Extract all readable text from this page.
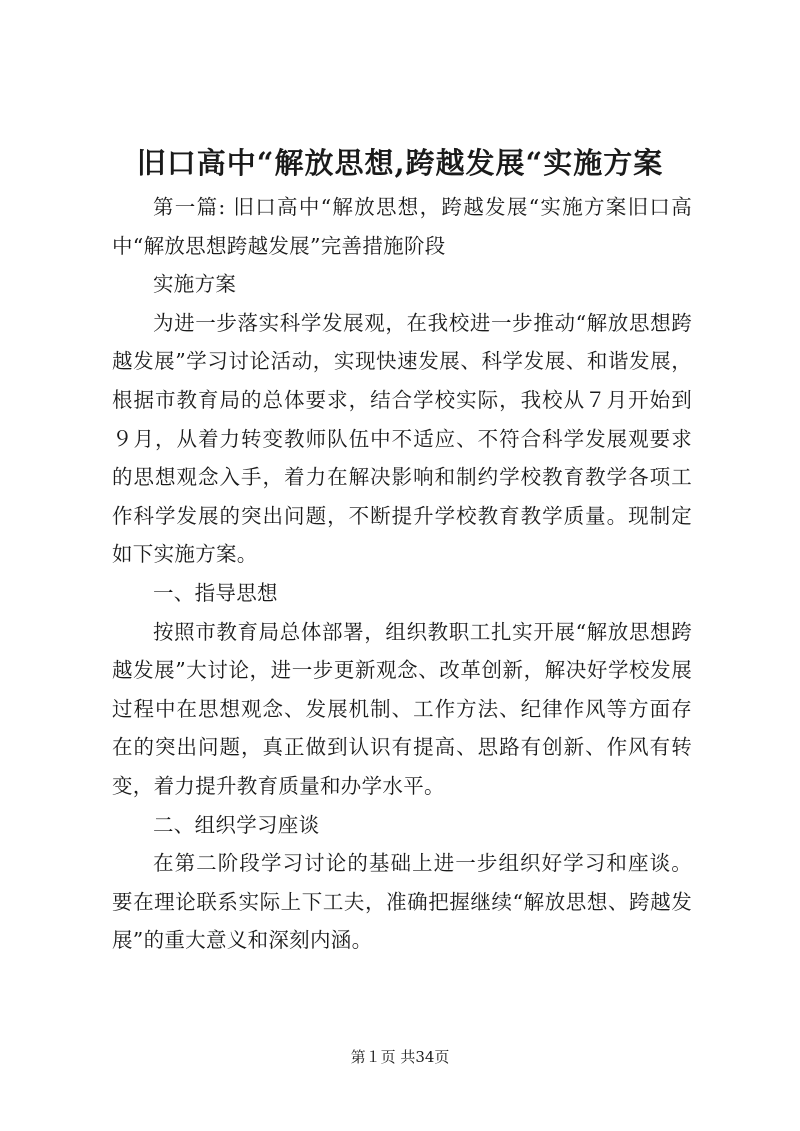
旧口高中“解放思想,跨越发展“实施方案

第一篇: 旧口高中“解放思想，跨越发展“实施方案旧口高中“解放思想跨越发展”完善措施阶段

实施方案

为进一步落实科学发展观，在我校进一步推动“解放思想跨越发展”学习讨论活动，实现快速发展、科学发展、和谐发展，根据市教育局的总体要求，结合学校实际，我校从７月开始到９月，从着力转变教师队伍中不适应、不符合科学发展观要求的思想观念入手，着力在解决影响和制约学校教育教学各项工作科学发展的突出问题，不断提升学校教育教学质量。现制定如下实施方案。

一、指导思想

按照市教育局总体部署，组织教职工扎实开展“解放思想跨越发展”大讨论，进一步更新观念、改革创新，解决好学校发展过程中在思想观念、发展机制、工作方法、纪律作风等方面存在的突出问题，真正做到认识有提高、思路有创新、作风有转变，着力提升教育质量和办学水平。

二、组织学习座谈

在第二阶段学习讨论的基础上进一步组织好学习和座谈。要在理论联系实际上下工夫，准确把握继续“解放思想、跨越发展”的重大意义和深刻内涵。

第１页 共34页
